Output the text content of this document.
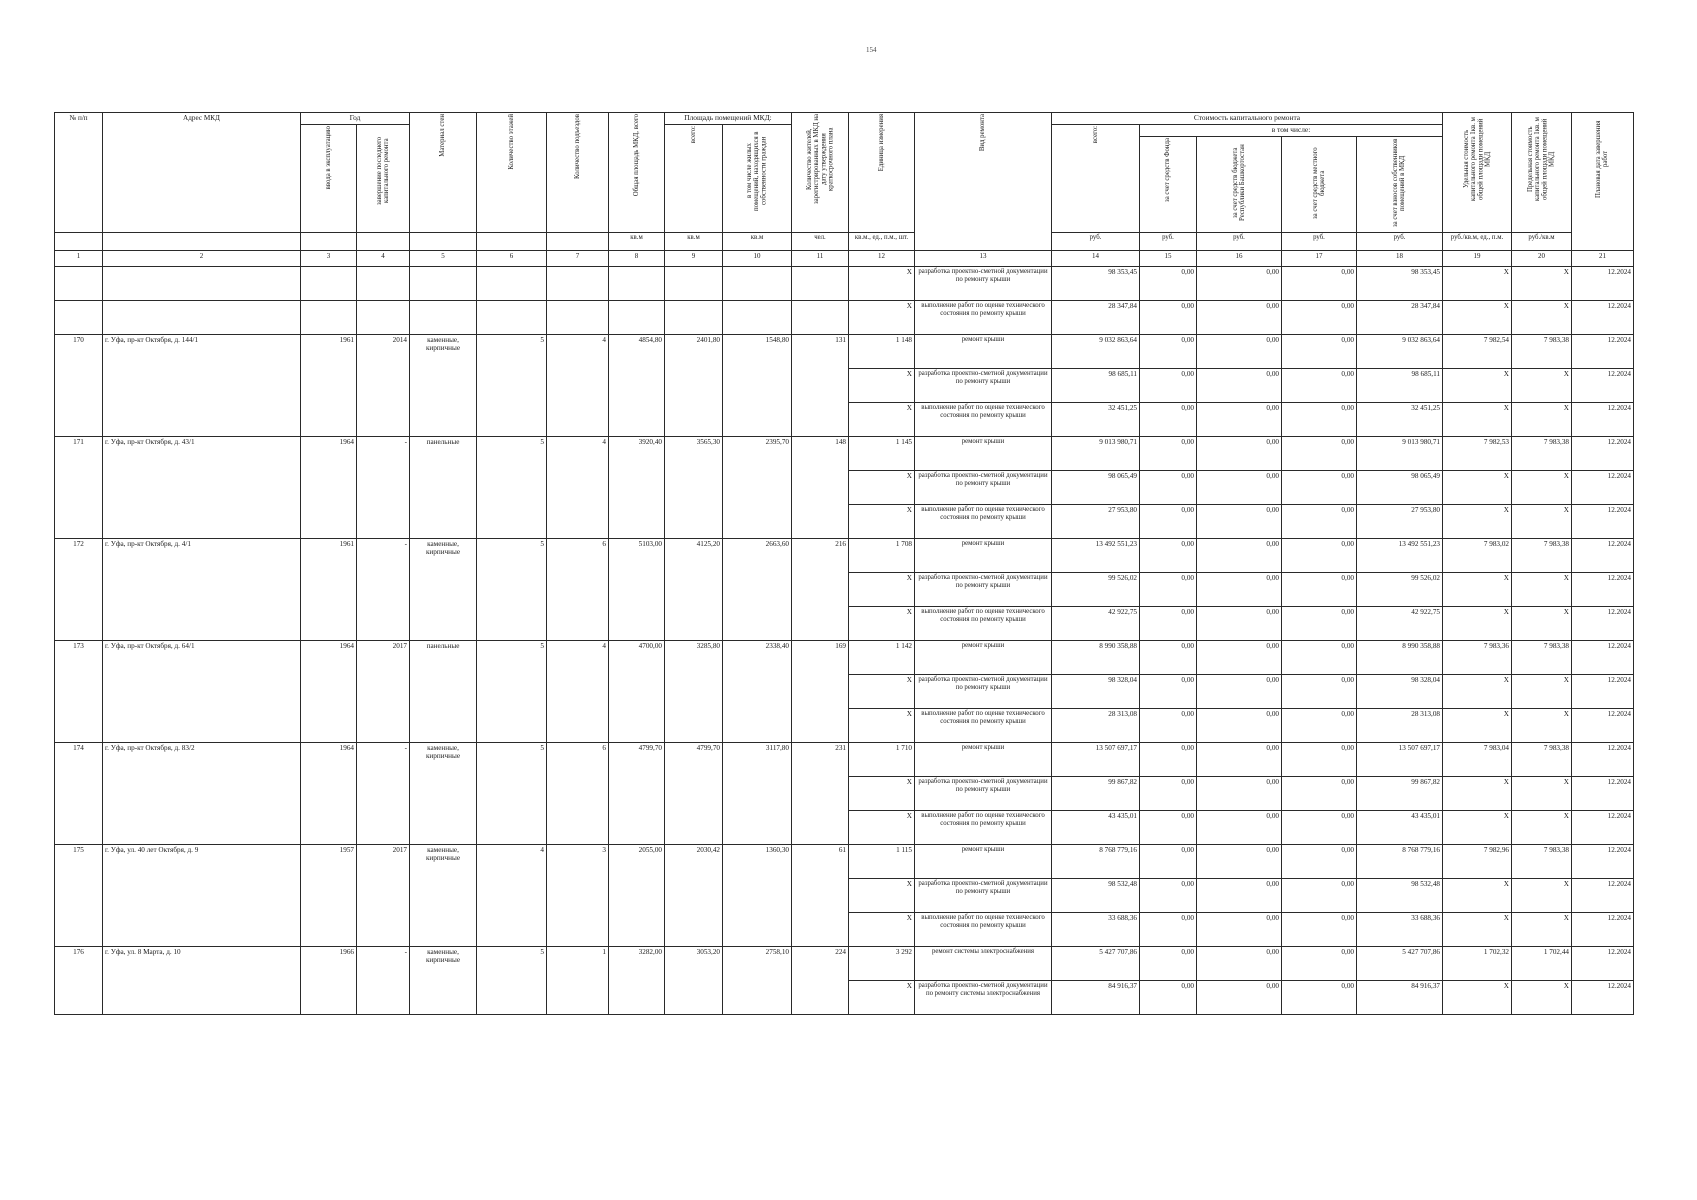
154
№ п/п	Адрес МКД	Год		Материал стен	Количество этажей	Количество подъездов	Общая площадь МКД, всего	Площадь помещений МКД:		Количество жителей, зарегистрированных в МКД на дату утверждения краткосрочного плана	Единица измерения	Вид ремонта	Стоимость капитального ремонта					Удельная стоимость капитального ремонта 1кв. м общей площади помещений МКД	Предельная стоимость капитального ремонта 1кв. м общей площади помещений МКД	Плановая дата завершения работ
		ввода в эксплуатацию	завершение последнего капитального ремонта					всего:	в том числе жилых помещений, находящихся в собственности граждан				всего:	в том числе:						
														за счет средств Фонда	за счет средств бюджета Республики Башкортостан	за счет средств местного бюджета	за счет взносов собственников помещений в МКД			
							кв.м	кв.м	кв.м	чел.	кв.м., ед., п.м., шт.		руб.	руб.	руб.	руб.	руб.	руб./кв.м, ед., п.м.	руб./кв.м	
1	2	3	4	5	6	7	8	9	10	11	12	13	14	15	16	17	18	19	20	21
											X	разработка проектно-сметной документации по ремонту крыши	98 353,45	0,00	0,00	0,00	98 353,45	X	X	12.2024
											X	выполнение работ по оценке технического состояния по ремонту крыши	28 347,84	0,00	0,00	0,00	28 347,84	X	X	12.2024
170	г. Уфа, пр-кт Октября, д. 144/1	1961	2014	каменные, кирпичные	5	4	4854,80	2401,80	1548,80	131	1 148	ремонт крыши	9 032 863,64	0,00	0,00	0,00	9 032 863,64	7 982,54	7 983,38	12.2024
											X	разработка проектно-сметной документации по ремонту крыши	98 685,11	0,00	0,00	0,00	98 685,11	X	X	12.2024
											X	выполнение работ по оценке технического состояния по ремонту крыши	32 451,25	0,00	0,00	0,00	32 451,25	X	X	12.2024
171	г. Уфа, пр-кт Октября, д. 43/1	1964	-	панельные	5	4	3920,40	3565,30	2395,70	148	1 145	ремонт крыши	9 013 980,71	0,00	0,00	0,00	9 013 980,71	7 982,53	7 983,38	12.2024
											X	разработка проектно-сметной документации по ремонту крыши	98 065,49	0,00	0,00	0,00	98 065,49	X	X	12.2024
											X	выполнение работ по оценке технического состояния по ремонту крыши	27 953,80	0,00	0,00	0,00	27 953,80	X	X	12.2024
172	г. Уфа, пр-кт Октября, д. 4/1	1961	-	каменные, кирпичные	5	6	5103,00	4125,20	2663,60	216	1 708	ремонт крыши	13 492 551,23	0,00	0,00	0,00	13 492 551,23	7 983,02	7 983,38	12.2024
											X	разработка проектно-сметной документации по ремонту крыши	99 526,02	0,00	0,00	0,00	99 526,02	X	X	12.2024
											X	выполнение работ по оценке технического состояния по ремонту крыши	42 922,75	0,00	0,00	0,00	42 922,75	X	X	12.2024
173	г. Уфа, пр-кт Октября, д. 64/1	1964	2017	панельные	5	4	4700,00	3285,80	2338,40	169	1 142	ремонт крыши	8 990 358,88	0,00	0,00	0,00	8 990 358,88	7 983,36	7 983,38	12.2024
											X	разработка проектно-сметной документации по ремонту крыши	98 328,04	0,00	0,00	0,00	98 328,04	X	X	12.2024
											X	выполнение работ по оценке технического состояния по ремонту крыши	28 313,08	0,00	0,00	0,00	28 313,08	X	X	12.2024
174	г. Уфа, пр-кт Октября, д. 83/2	1964	-	каменные, кирпичные	5	6	4799,70	4799,70	3117,80	231	1 710	ремонт крыши	13 507 697,17	0,00	0,00	0,00	13 507 697,17	7 983,04	7 983,38	12.2024
											X	разработка проектно-сметной документации по ремонту крыши	99 867,82	0,00	0,00	0,00	99 867,82	X	X	12.2024
											X	выполнение работ по оценке технического состояния по ремонту крыши	43 435,01	0,00	0,00	0,00	43 435,01	X	X	12.2024
175	г. Уфа, ул. 40 лет Октября, д. 9	1957	2017	каменные, кирпичные	4	3	2055,00	2030,42	1360,30	61	1 115	ремонт крыши	8 768 779,16	0,00	0,00	0,00	8 768 779,16	7 982,96	7 983,38	12.2024
											X	разработка проектно-сметной документации по ремонту крыши	98 532,48	0,00	0,00	0,00	98 532,48	X	X	12.2024
											X	выполнение работ по оценке технического состояния по ремонту крыши	33 688,36	0,00	0,00	0,00	33 688,36	X	X	12.2024
176	г. Уфа, ул. 8 Марта, д. 10	1966	-	каменные, кирпичные	5	1	3282,00	3053,20	2758,10	224	3 292	ремонт системы электроснабжения	5 427 707,86	0,00	0,00	0,00	5 427 707,86	1 702,32	1 702,44	12.2024
											X	разработка проектно-сметной документации по ремонту системы электроснабжения	84 916,37	0,00	0,00	0,00	84 916,37	X	X	12.2024
